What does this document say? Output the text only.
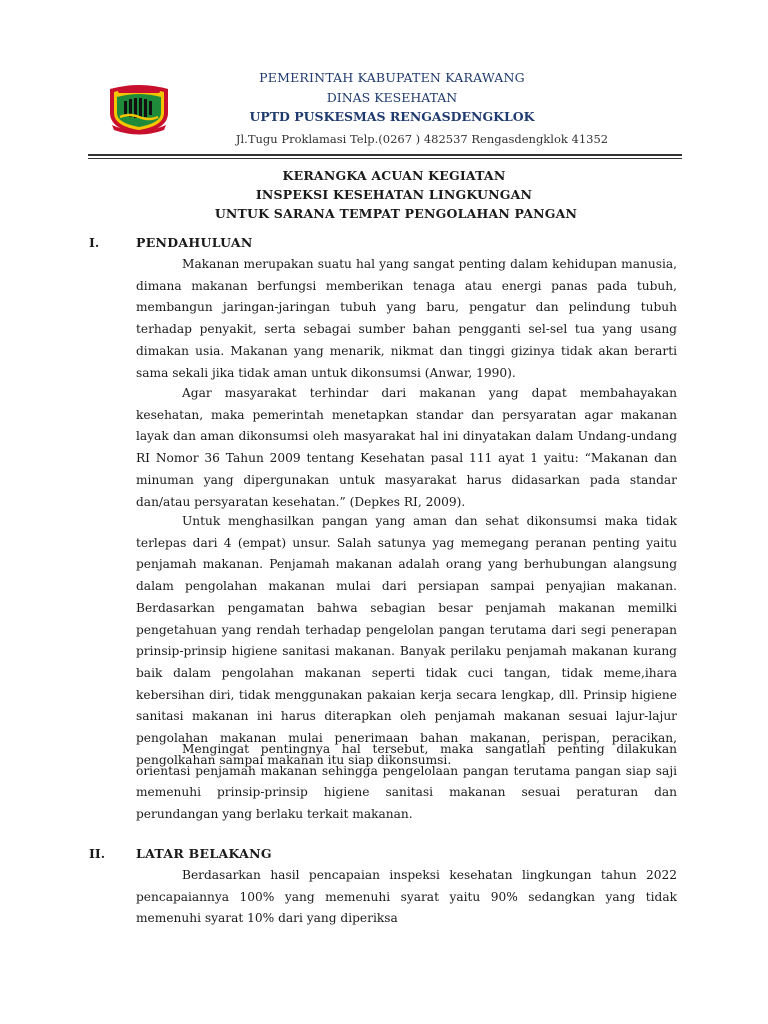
PEMERINTAH KABUPATEN KARAWANG
DINAS KESEHATAN
UPTD PUSKESMAS RENGASDENGKLOK
Jl.Tugu Proklamasi Telp.(0267 ) 482537 Rengasdengklok 41352
KERANGKA ACUAN KEGIATAN
INSPEKSI KESEHATAN LINGKUNGAN
UNTUK SARANA TEMPAT PENGOLAHAN PANGAN
I.	PENDAHULUAN
Makanan merupakan suatu hal yang sangat penting dalam kehidupan manusia, dimana makanan berfungsi memberikan tenaga atau energi panas pada tubuh, membangun jaringan-jaringan tubuh yang baru, pengatur dan pelindung tubuh terhadap penyakit, serta sebagai sumber bahan pengganti sel-sel tua yang usang dimakan usia. Makanan yang menarik, nikmat dan tinggi gizinya tidak akan berarti sama sekali jika tidak aman untuk dikonsumsi (Anwar, 1990).
Agar masyarakat terhindar dari makanan yang dapat membahayakan kesehatan, maka pemerintah menetapkan standar dan persyaratan agar makanan layak dan aman dikonsumsi oleh masyarakat hal ini dinyatakan dalam Undang-undang RI Nomor 36 Tahun 2009 tentang Kesehatan pasal 111 ayat 1 yaitu: “Makanan dan minuman yang dipergunakan untuk masyarakat harus didasarkan pada standar dan/atau persyaratan kesehatan.” (Depkes RI, 2009).
Untuk menghasilkan pangan yang aman dan sehat dikonsumsi maka tidak terlepas dari 4 (empat) unsur. Salah satunya yag memegang peranan penting yaitu penjamah makanan. Penjamah makanan adalah orang yang berhubungan alangsung dalam pengolahan makanan mulai dari persiapan sampai penyajian makanan. Berdasarkan pengamatan bahwa sebagian besar penjamah makanan memilki pengetahuan yang rendah terhadap pengelolan pangan terutama dari segi penerapan prinsip-prinsip higiene sanitasi makanan. Banyak perilaku penjamah makanan kurang baik dalam pengolahan makanan seperti tidak cuci tangan, tidak meme,ihara kebersihan diri, tidak menggunakan pakaian kerja secara lengkap, dll. Prinsip higiene sanitasi makanan ini harus diterapkan oleh penjamah makanan sesuai lajur-lajur pengolahan makanan mulai penerimaan bahan makanan, perispan, peracikan, pengolkahan sampai makanan itu siap dikonsumsi.
Mengingat pentingnya hal tersebut, maka sangatlah penting dilakukan orientasi penjamah makanan sehingga pengelolaan pangan terutama pangan siap saji memenuhi prinsip-prinsip higiene sanitasi makanan sesuai peraturan dan perundangan yang berlaku terkait makanan.
II. LATAR BELAKANG
Berdasarkan hasil pencapaian inspeksi kesehatan lingkungan tahun 2022 pencapaiannya 100% yang memenuhi syarat yaitu 90% sedangkan yang tidak memenuhi syarat 10% dari yang diperiksa
